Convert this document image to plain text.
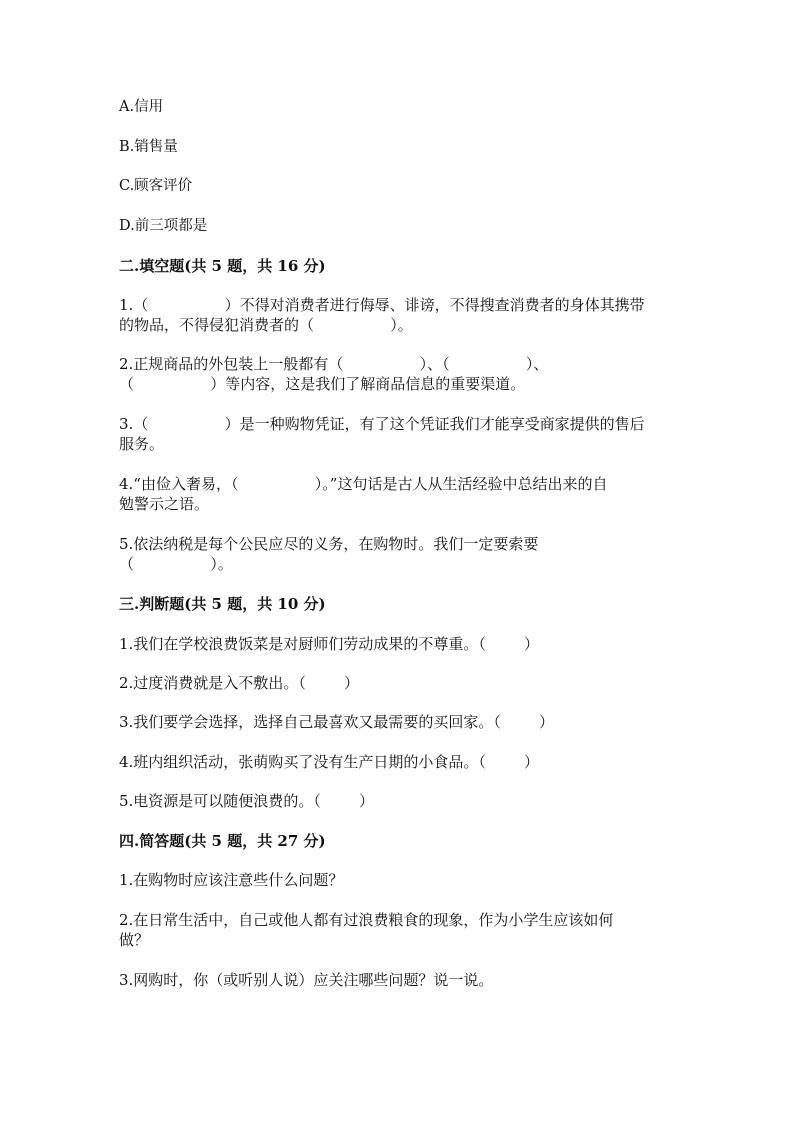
A.信用
B.销售量
C.顾客评价
D.前三项都是
二.填空题(共 5 题，共 16 分)
1.（                ）不得对消费者进行侮辱、诽谤，不得搜查消费者的身体其携带
的物品，不得侵犯消费者的（                ）。
2.正规商品的外包装上一般都有（                ）、（                ）、
（                ）等内容，这是我们了解商品信息的重要渠道。
3.（                ）是一种购物凭证，有了这个凭证我们才能享受商家提供的售后
服务。
4.“由俭入奢易，（                ）。”这句话是古人从生活经验中总结出来的自
勉警示之语。
5.依法纳税是每个公民应尽的义务，在购物时。我们一定要索要
（                ）。
三.判断题(共 5 题，共 10 分)
1.我们在学校浪费饭菜是对厨师们劳动成果的不尊重。（        ）
2.过度消费就是入不敷出。（        ）
3.我们要学会选择，选择自己最喜欢又最需要的买回家。（        ）
4.班内组织活动，张萌购买了没有生产日期的小食品。（        ）
5.电资源是可以随便浪费的。（        ）
四.简答题(共 5 题，共 27 分)
1.在购物时应该注意些什么问题？
2.在日常生活中，自己或他人都有过浪费粮食的现象，作为小学生应该如何
做？
3.网购时，你（或听别人说）应关注哪些问题？说一说。
